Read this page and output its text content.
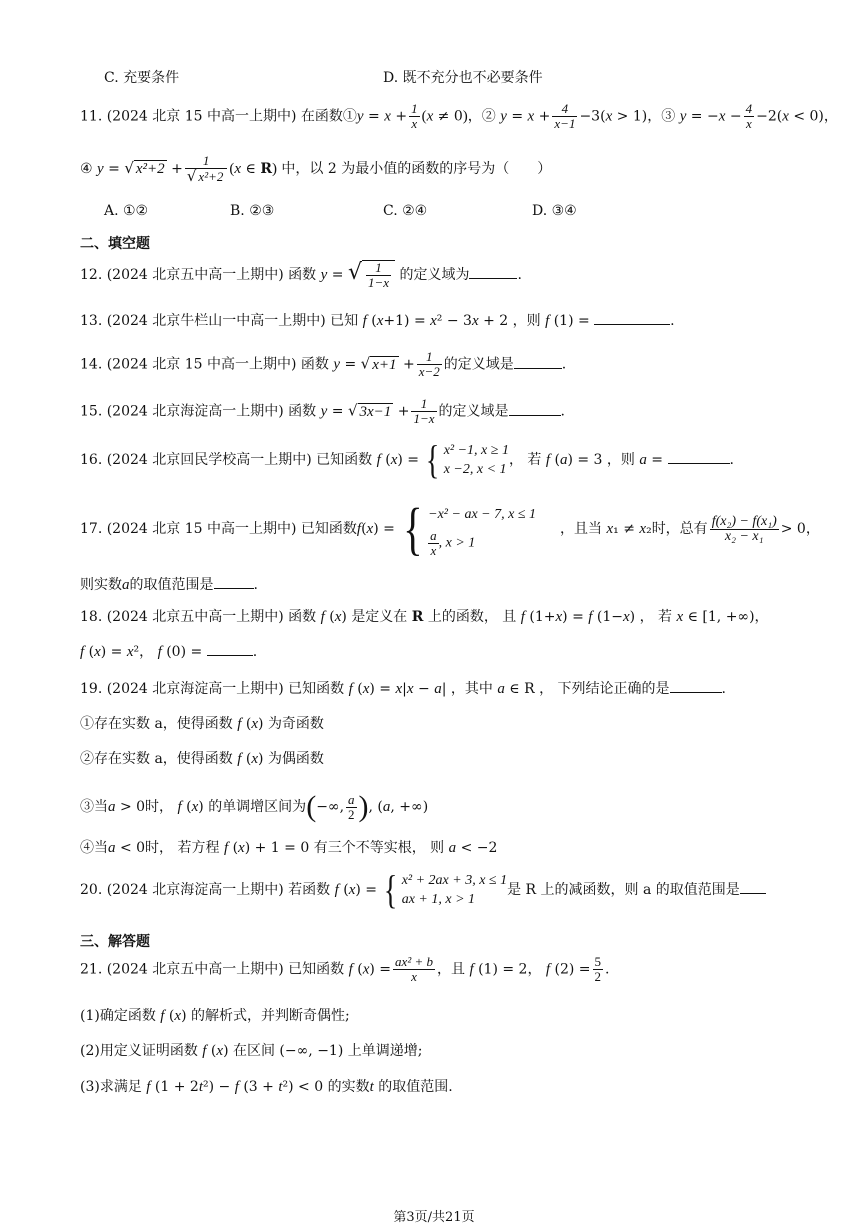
C. 充要条件	D. 既不充分也不必要条件
11. (2024 北京 15 中高一上期中) 在函数①y = $x + \frac{1}{x} (x \ne 0)$，② $y = x + \frac{4}{x-1} -3(x > 1)$，③ $y = -x - \frac{4}{x} -2(x < 0)$，
④ y = √ $x^2+2 + \frac{1}{\text{√ x²+2}} (x$ ∈ R) 中，以 2 为最小值的函数的序号为（　　）
A. ①②	B. ②③	C. ②④	D. ③④
二、填空题
12. (2024 北京五中高一上期中) 函数 y = √ $\frac{1}{1-x}$ 的定义域为	.
13. (2024 北京牛栏山一中高一上期中) 已知 f (x+1) = x² − 3x + 2 ，则 f (1) =	.
14. (2024 北京 15 中高一上期中) 函数 y = √ $x+1 + \frac{1}{x-2}$ 的定义域是	.
15. (2024 北京海淀高一上期中) 函数 y = √ $3x-1 + \frac{1}{1-x}$ 的定义域是	.
16. (2024 北京回民学校高一上期中) 已知函数 f (x) = { x² −1, x ≥ 1
x −2, x < 1
， 若 f (a) = 3 ，则 a =	.
17. (2024 北京 15 中高一上期中) 已知函数f(x) = { −x² − ax − 7, x ≤ 1
$\frac{a}{x}$ , x > 1
，且当 x₁ ≠ x₂时，总有 $\frac{\text{f(x₂) − f(x₁)}}{\text{x₂ − x₁}} > 0$，
则实数a的取值范围是	.
18. (2024 北京五中高一上期中) 函数 f (x) 是定义在 R 上的函数， 且 f (1+x) = f (1−x) ， 若 x ∈ [1, +∞)，
f (x) = x²， f (0) =	.
19. (2024 北京海淀高一上期中) 已知函数 f (x) = x|x − a| ，其中 a ∈ R ， 下列结论正确的是	.
①存在实数 a，使得函数 f (x) 为奇函数
②存在实数 a，使得函数 f (x) 为偶函数
③当a > 0时， f (x) 的单调增区间为(−∞, $\frac{a}{2}$ ), (a, +∞)
④当a < 0时， 若方程 f (x) + 1 = 0 有三个不等实根， 则 a < −2
20. (2024 北京海淀高一上期中) 若函数 f (x) = { x² + 2ax + 3, x ≤ 1
ax + 1, x > 1
是 R 上的减函数，则 a 的取值范围是
三、解答题
21. (2024 北京五中高一上期中) 已知函数 f $(x) = \frac{\text{ax² + b}}{x}$ ，且 f (1) = 2， f $(2) = \frac{5}{2}$ .
(1)确定函数 f (x) 的解析式，并判断奇偶性;
(2)用定义证明函数 f (x) 在区间 (−∞, −1) 上单调递增;
(3)求满足 f (1 + 2t²) − f (3 + t²) < 0 的实数t 的取值范围.
第3页/共21页
